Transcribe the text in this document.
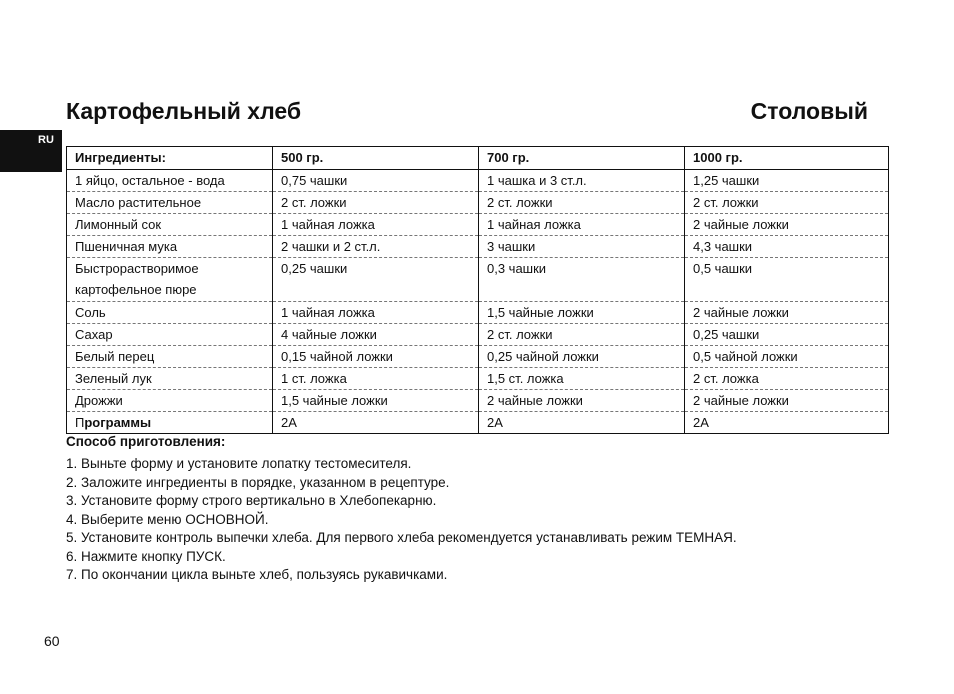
Картофельный хлеб	Столовый
RU
Ингредиенты:	500 гр.	700 гр.	1000 гр.
1 яйцо, остальное - вода	0,75 чашки	1 чашка и 3 ст.л.	1,25 чашки
Масло растительное	2 ст. ложки	2 ст. ложки	2 ст. ложки
Лимонный сок	1 чайная ложка	1 чайная ложка	2 чайные ложки
Пшеничная мука	2 чашки и 2 ст.л.	3 чашки	4,3 чашки
Быстрорастворимое картофельное пюре	0,25 чашки	0,3 чашки	0,5 чашки
Соль	1 чайная ложка	1,5 чайные ложки	2 чайные ложки
Сахар	4 чайные ложки	2 ст. ложки	0,25 чашки
Белый перец	0,15 чайной ложки	0,25 чайной ложки	0,5 чайной ложки
Зеленый лук	1 ст. ложка	1,5 ст. ложка	2 ст. ложка
Дрожжи	1,5 чайные ложки	2 чайные ложки	2 чайные ложки
Программы	2А	2А	2А
Способ приготовления:
1. Выньте форму и установите лопатку тестомесителя.
2. Заложите ингредиенты в порядке, указанном в рецептуре.
3. Установите форму строго вертикально в Хлебопекарню.
4. Выберите меню ОСНОВНОЙ.
5. Установите контроль выпечки хлеба. Для первого хлеба рекомендуется устанавливать режим ТЕМНАЯ.
6. Нажмите кнопку ПУСК.
7. По окончании цикла выньте хлеб, пользуясь рукавичками.
60
